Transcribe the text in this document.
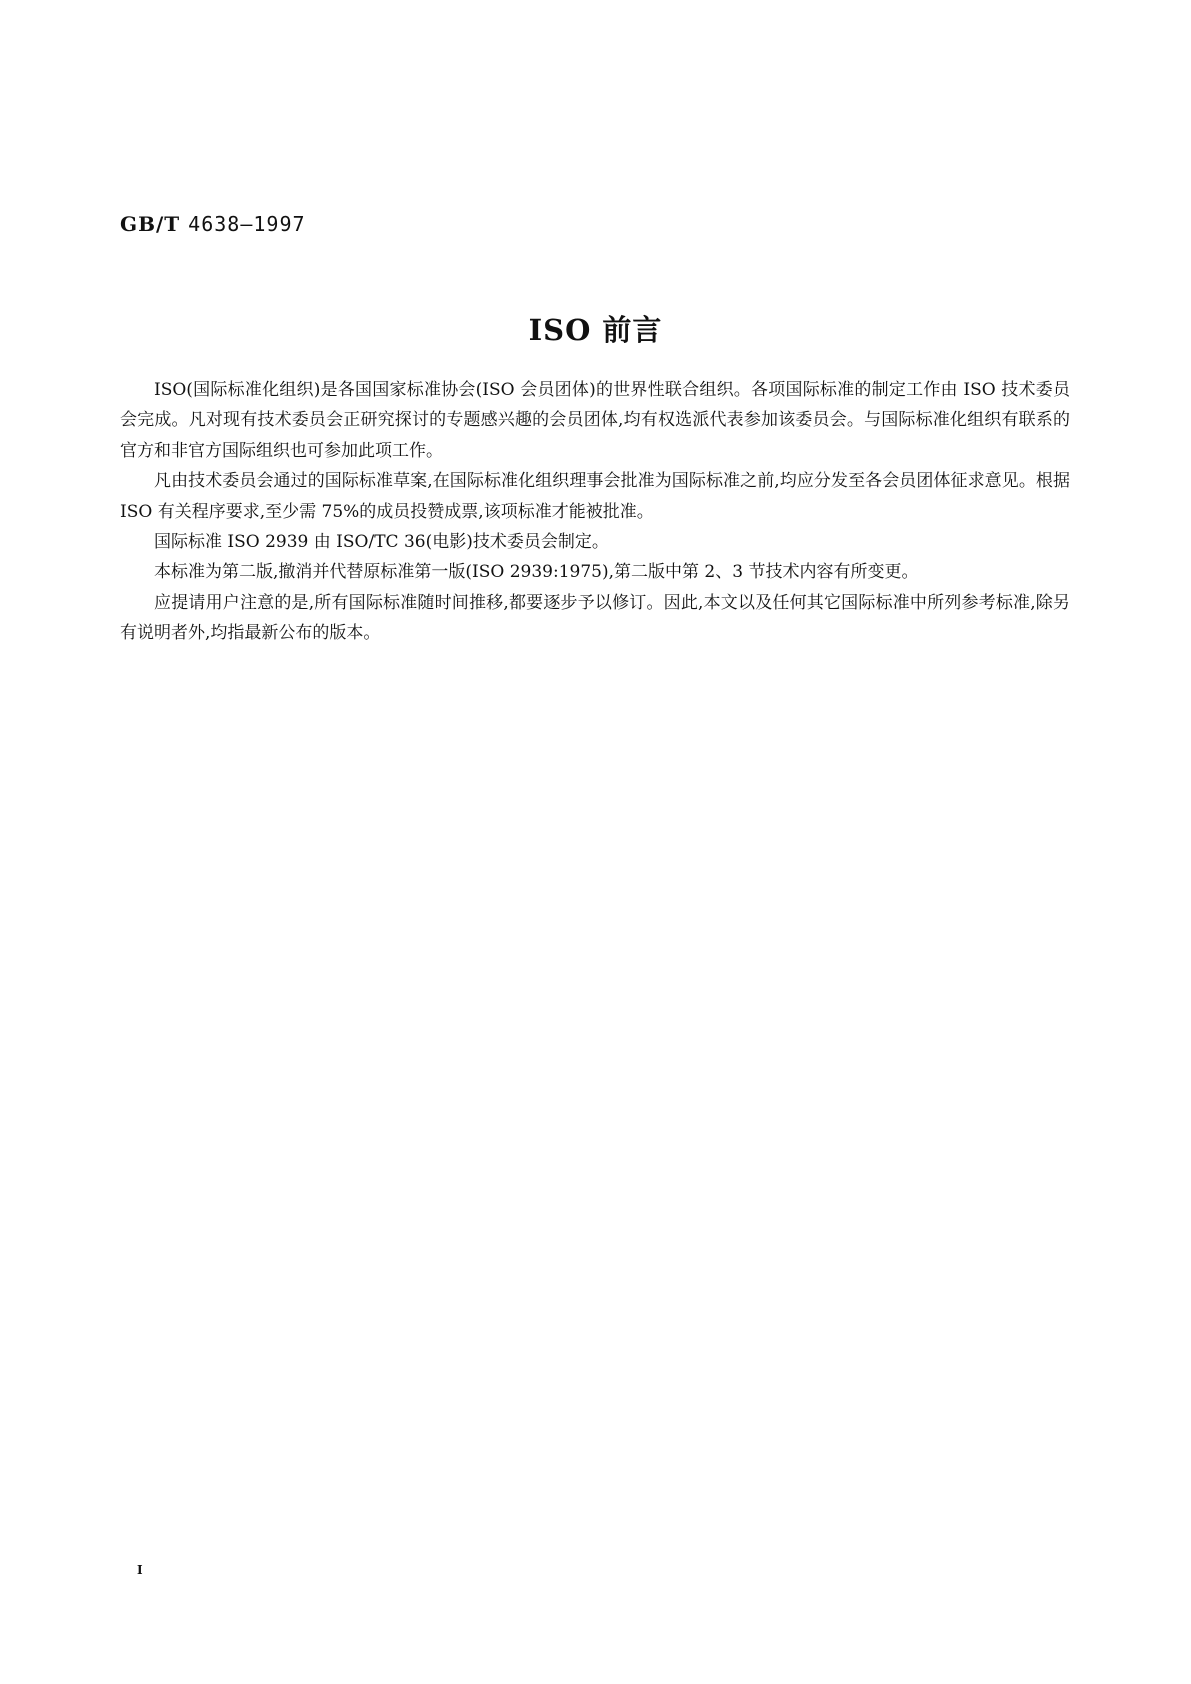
GB/T 4638—1997
ISO 前言

ISO(国际标准化组织)是各国国家标准协会(ISO 会员团体)的世界性联合组织。各项国际标准的制定工作由 ISO 技术委员会完成。凡对现有技术委员会正研究探讨的专题感兴趣的会员团体,均有权选派代表参加该委员会。与国际标准化组织有联系的官方和非官方国际组织也可参加此项工作。

凡由技术委员会通过的国际标准草案,在国际标准化组织理事会批准为国际标准之前,均应分发至各会员团体征求意见。根据 ISO 有关程序要求,至少需 75%的成员投赞成票,该项标准才能被批准。

国际标准 ISO 2939 由 ISO/TC 36(电影)技术委员会制定。

本标准为第二版,撤消并代替原标准第一版(ISO 2939:1975),第二版中第 2、3 节技术内容有所变更。

应提请用户注意的是,所有国际标准随时间推移,都要逐步予以修订。因此,本文以及任何其它国际标准中所列参考标准,除另有说明者外,均指最新公布的版本。

I
